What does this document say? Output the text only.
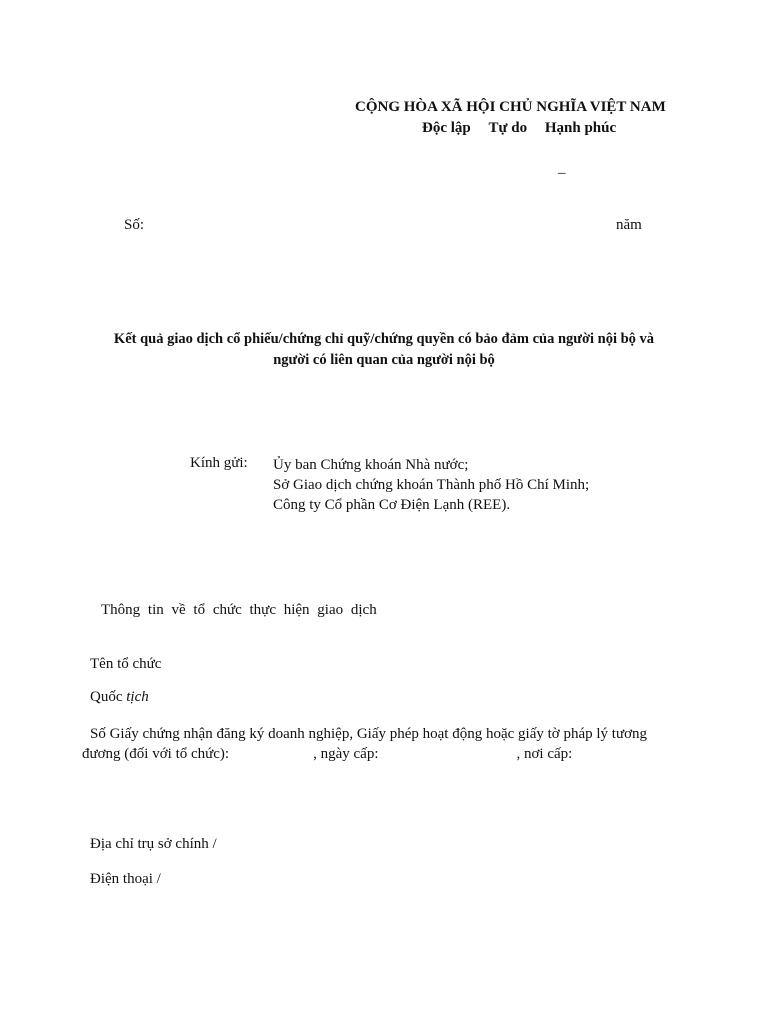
CỘNG HÒA XÃ HỘI CHỦ NGHĨA VIỆT NAM
Độc lập Tự do Hạnh phúc
_
Số:	năm
Kết quả giao dịch cổ phiếu/chứng chỉ quỹ/chứng quyền có bảo đảm của người nội bộ và
người có liên quan của người nội bộ
Kính gửi: Ủy ban Chứng khoán Nhà nước;
Sở Giao dịch chứng khoán Thành phố Hồ Chí Minh;
Công ty Cổ phần Cơ Điện Lạnh (REE).
Thông tin về tổ chức thực hiện giao dịch
Tên tổ chức
Quốc tịch
Số Giấy chứng nhận đăng ký doanh nghiệp, Giấy phép hoạt động hoặc giấy tờ pháp lý tương
đương (đối với tổ chức):	, ngày cấp:	, nơi cấp:
Địa chỉ trụ sở chính /
Điện thoại /
